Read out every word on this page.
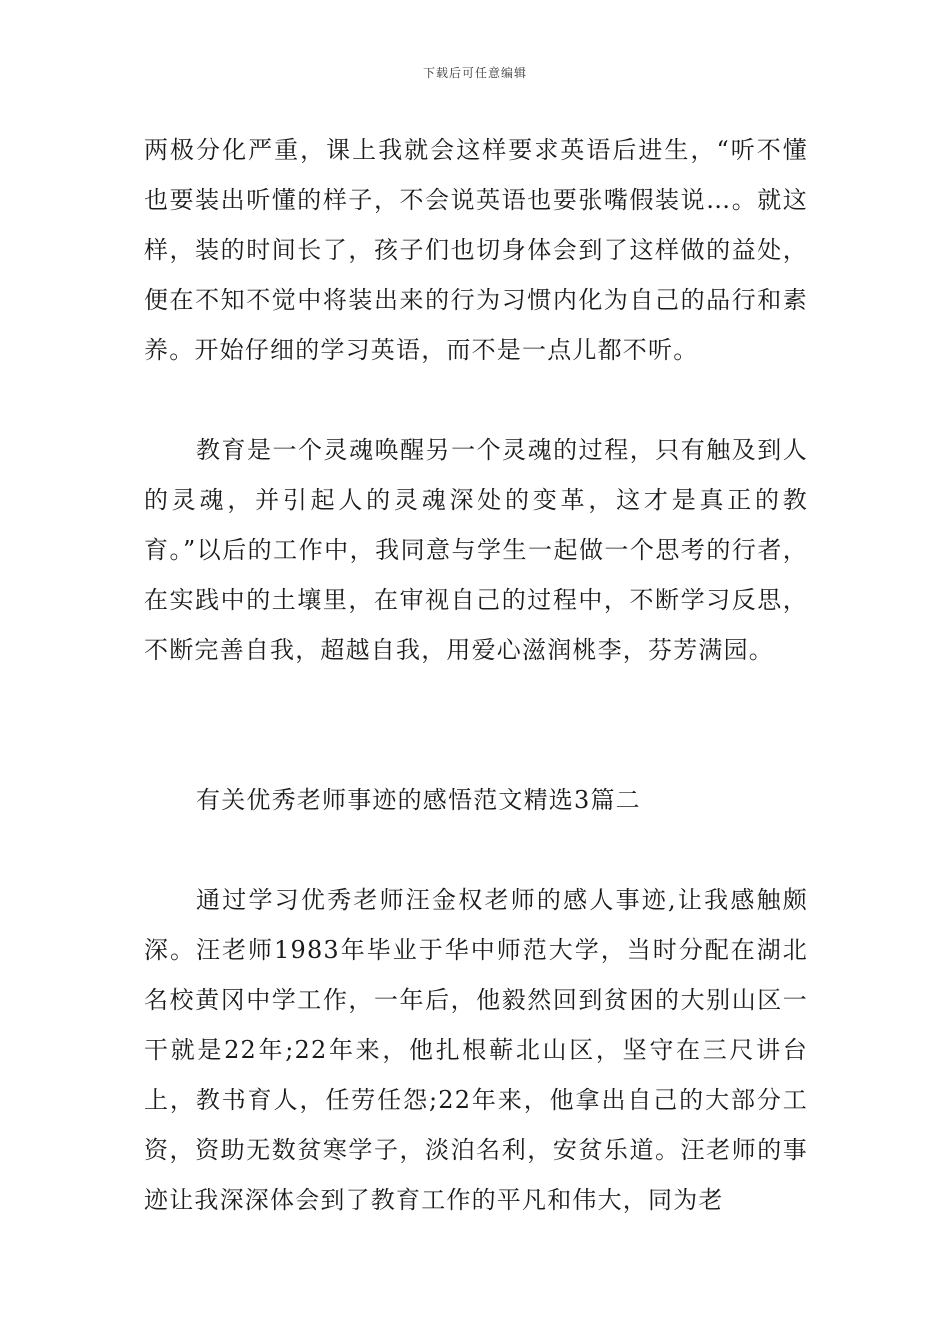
下载后可任意编辑

两极分化严重，课上我就会这样要求英语后进生，“听不懂也要装出听懂的样子，不会说英语也要张嘴假装说…。就这样，装的时间长了，孩子们也切身体会到了这样做的益处，便在不知不觉中将装出来的行为习惯内化为自己的品行和素养。开始仔细的学习英语，而不是一点儿都不听。

教育是一个灵魂唤醒另一个灵魂的过程，只有触及到人的灵魂，并引起人的灵魂深处的变革，这才是真正的教育。”以后的工作中，我同意与学生一起做一个思考的行者，在实践中的土壤里，在审视自己的过程中，不断学习反思，不断完善自我，超越自我，用爱心滋润桃李，芬芳满园。

有关优秀老师事迹的感悟范文精选3篇二

通过学习优秀老师汪金权老师的感人事迹,让我感触颇深。汪老师1983年毕业于华中师范大学，当时分配在湖北名校黄冈中学工作，一年后，他毅然回到贫困的大别山区一干就是22年;22年来，他扎根蕲北山区，坚守在三尺讲台上，教书育人，任劳任怨;22年来，他拿出自己的大部分工资，资助无数贫寒学子，淡泊名利，安贫乐道。汪老师的事迹让我深深体会到了教育工作的平凡和伟大，同为老
